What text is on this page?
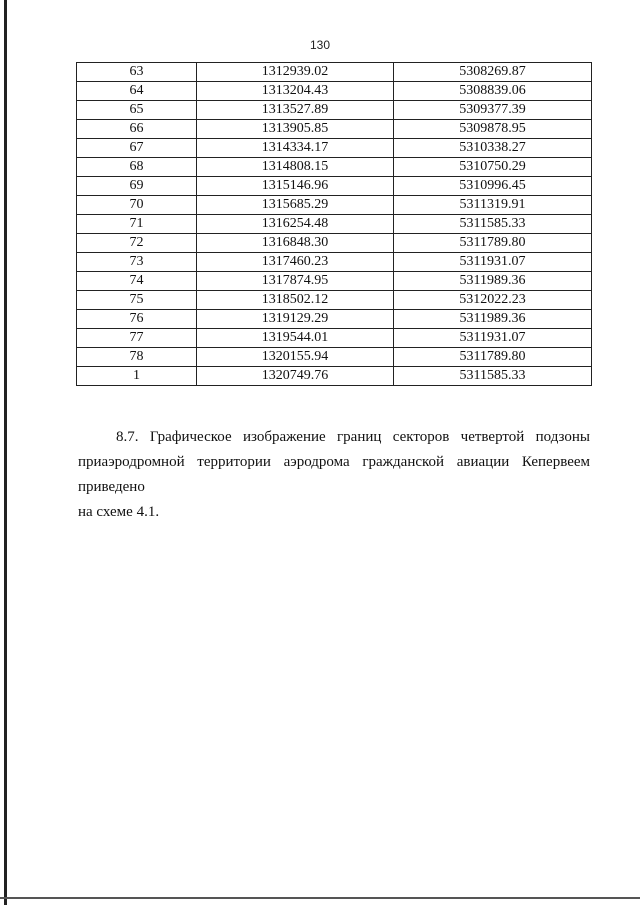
130
63	1312939.02	5308269.87
64	1313204.43	5308839.06
65	1313527.89	5309377.39
66	1313905.85	5309878.95
67	1314334.17	5310338.27
68	1314808.15	5310750.29
69	1315146.96	5310996.45
70	1315685.29	5311319.91
71	1316254.48	5311585.33
72	1316848.30	5311789.80
73	1317460.23	5311931.07
74	1317874.95	5311989.36
75	1318502.12	5312022.23
76	1319129.29	5311989.36
77	1319544.01	5311931.07
78	1320155.94	5311789.80
1	1320749.76	5311585.33
8.7. Графическое изображение границ секторов четвертой подзоны
приаэродромной территории аэродрома гражданской авиации Кепервеем приведено
на схеме 4.1.
